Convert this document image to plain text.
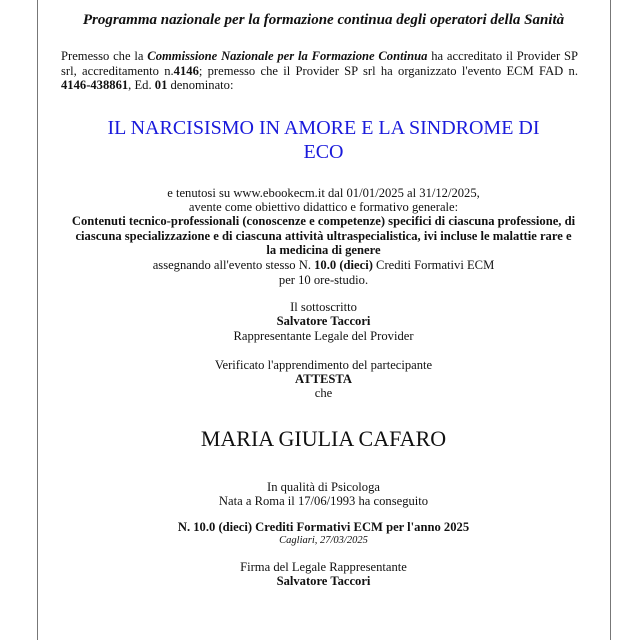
Programma nazionale per la formazione continua degli operatori della Sanità
Premesso che la Commissione Nazionale per la Formazione Continua ha accreditato il Provider SP srl, accreditamento n.4146; premesso che il Provider SP srl ha organizzato l'evento ECM FAD n. 4146-438861, Ed. 01 denominato:
IL NARCISISMO IN AMORE E LA SINDROME DI
ECO
e tenutosi su www.ebookecm.it dal 01/01/2025 al 31/12/2025,
avente come obiettivo didattico e formativo generale:
Contenuti tecnico-professionali (conoscenze e competenze) specifici di ciascuna professione, di
ciascuna specializzazione e di ciascuna attività ultraspecialistica, ivi incluse le malattie rare e
la medicina di genere
assegnando all'evento stesso N. 10.0 (dieci) Crediti Formativi ECM
per 10 ore-studio.
Il sottoscritto
Salvatore Taccori
Rappresentante Legale del Provider
Verificato l'apprendimento del partecipante
ATTESTA
che
MARIA GIULIA CAFARO
In qualità di Psicologa
Nata a Roma il 17/06/1993 ha conseguito
N. 10.0 (dieci) Crediti Formativi ECM per l'anno 2025
Cagliari, 27/03/2025
Firma del Legale Rappresentante
Salvatore Taccori
